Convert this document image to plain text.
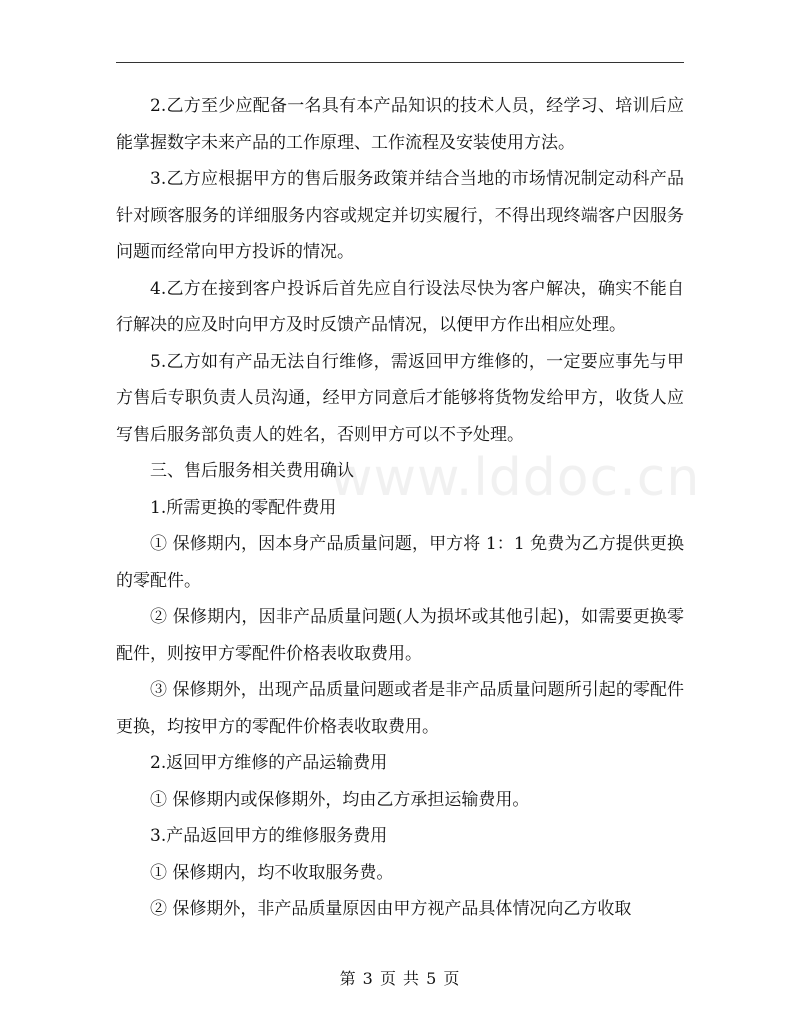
www.lddoc.cn

2.乙方至少应配备一名具有本产品知识的技术人员，经学习、培训后应能掌握数字未来产品的工作原理、工作流程及安装使用方法。

3.乙方应根据甲方的售后服务政策并结合当地的市场情况制定动科产品针对顾客服务的详细服务内容或规定并切实履行，不得出现终端客户因服务问题而经常向甲方投诉的情况。

4.乙方在接到客户投诉后首先应自行设法尽快为客户解决，确实不能自行解决的应及时向甲方及时反馈产品情况，以便甲方作出相应处理。

5.乙方如有产品无法自行维修，需返回甲方维修的，一定要应事先与甲方售后专职负责人员沟通，经甲方同意后才能够将货物发给甲方，收货人应写售后服务部负责人的姓名，否则甲方可以不予处理。

三、售后服务相关费用确认

1.所需更换的零配件费用

① 保修期内，因本身产品质量问题，甲方将 1：1 免费为乙方提供更换的零配件。

② 保修期内，因非产品质量问题(人为损坏或其他引起)，如需要更换零配件，则按甲方零配件价格表收取费用。

③ 保修期外，出现产品质量问题或者是非产品质量问题所引起的零配件更换，均按甲方的零配件价格表收取费用。

2.返回甲方维修的产品运输费用

① 保修期内或保修期外，均由乙方承担运输费用。

3.产品返回甲方的维修服务费用

① 保修期内，均不收取服务费。

② 保修期外，非产品质量原因由甲方视产品具体情况向乙方收取

第 3 页 共 5 页
